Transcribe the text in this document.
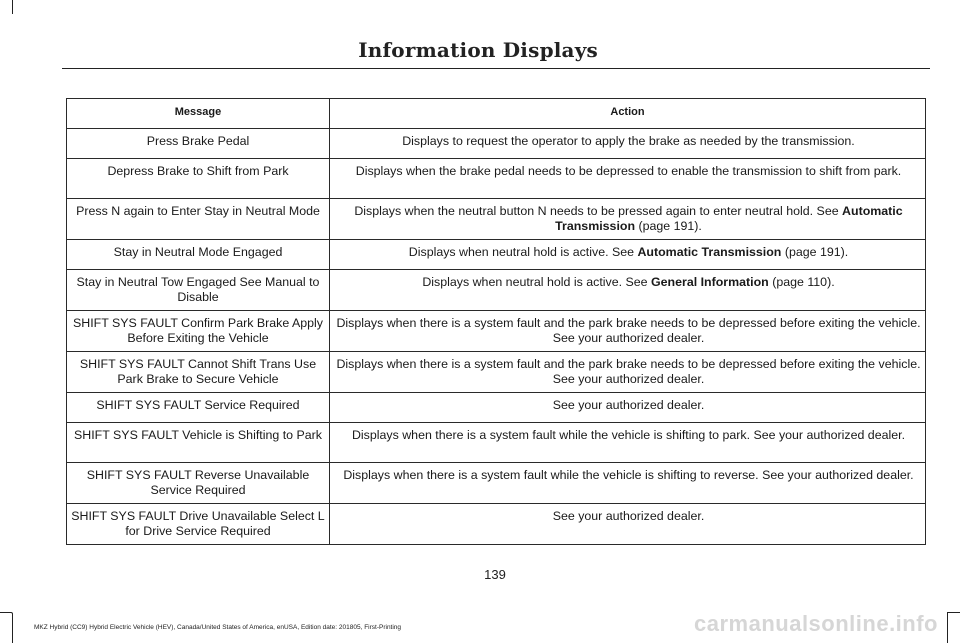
Information Displays
Message	Action
Press Brake Pedal	Displays to request the operator to apply the brake as needed by the transmission.
Depress Brake to Shift from Park	Displays when the brake pedal needs to be depressed to enable the transmission to shift from park.
Press N again to Enter Stay in Neutral Mode	Displays when the neutral button N needs to be pressed again to enter neutral hold. See Automatic Transmission (page 191).
Stay in Neutral Mode Engaged	Displays when neutral hold is active. See Automatic Transmission (page 191).
Stay in Neutral Tow Engaged See Manual to Disable	Displays when neutral hold is active. See General Information (page 110).
SHIFT SYS FAULT Confirm Park Brake Apply Before Exiting the Vehicle	Displays when there is a system fault and the park brake needs to be depressed before exiting the vehicle. See your authorized dealer.
SHIFT SYS FAULT Cannot Shift Trans Use Park Brake to Secure Vehicle	Displays when there is a system fault and the park brake needs to be depressed before exiting the vehicle. See your authorized dealer.
SHIFT SYS FAULT Service Required	See your authorized dealer.
SHIFT SYS FAULT Vehicle is Shifting to Park	Displays when there is a system fault while the vehicle is shifting to park. See your authorized dealer.
SHIFT SYS FAULT Reverse Unavailable Service Required	Displays when there is a system fault while the vehicle is shifting to reverse. See your authorized dealer.
SHIFT SYS FAULT Drive Unavailable Select L for Drive Service Required	See your authorized dealer.
139
MKZ Hybrid (CC9) Hybrid Electric Vehicle (HEV), Canada/United States of America, enUSA, Edition date: 201805, First-Printing	carmanualsonline.info
